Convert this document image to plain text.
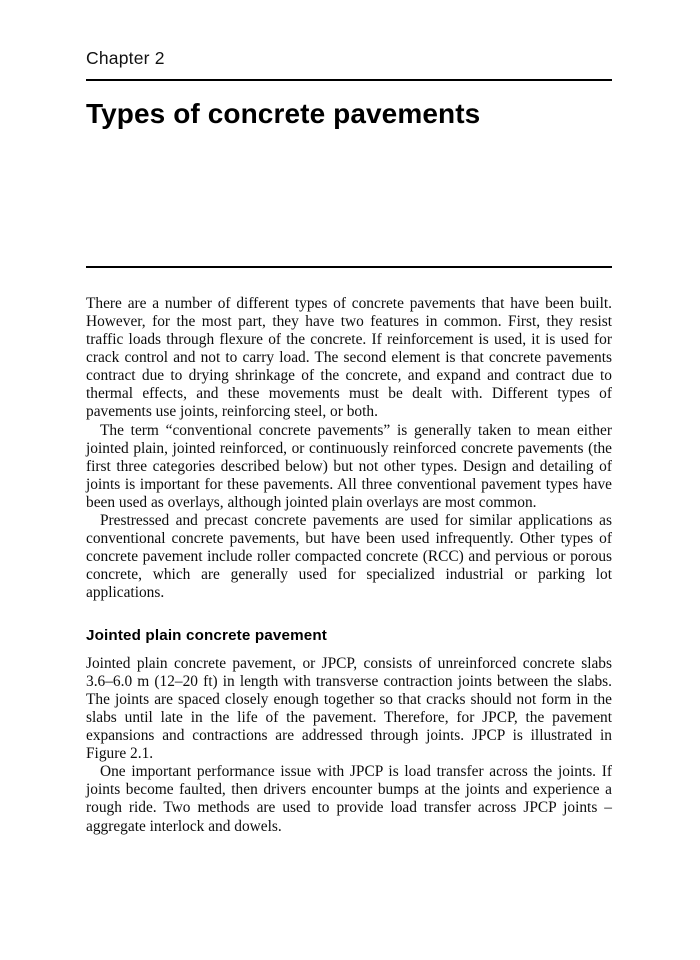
Chapter 2
Types of concrete pavements

There are a number of different types of concrete pavements that have been built. However, for the most part, they have two features in common. First, they resist traffic loads through flexure of the concrete. If reinforcement is used, it is used for crack control and not to carry load. The second element is that concrete pavements contract due to drying shrinkage of the concrete, and expand and contract due to thermal effects, and these movements must be dealt with. Different types of pavements use joints, reinforcing steel, or both.

The term “conventional concrete pavements” is generally taken to mean either jointed plain, jointed reinforced, or continuously reinforced concrete pavements (the first three categories described below) but not other types. Design and detailing of joints is important for these pavements. All three conventional pavement types have been used as overlays, although jointed plain overlays are most common.

Prestressed and precast concrete pavements are used for similar applications as conventional concrete pavements, but have been used infrequently. Other types of concrete pavement include roller compacted concrete (RCC) and pervious or porous concrete, which are generally used for specialized industrial or parking lot applications.

Jointed plain concrete pavement

Jointed plain concrete pavement, or JPCP, consists of unreinforced concrete slabs 3.6–6.0 m (12–20 ft) in length with transverse contraction joints between the slabs. The joints are spaced closely enough together so that cracks should not form in the slabs until late in the life of the pavement. Therefore, for JPCP, the pavement expansions and contractions are addressed through joints. JPCP is illustrated in Figure 2.1.

One important performance issue with JPCP is load transfer across the joints. If joints become faulted, then drivers encounter bumps at the joints and experience a rough ride. Two methods are used to provide load transfer across JPCP joints – aggregate interlock and dowels.
